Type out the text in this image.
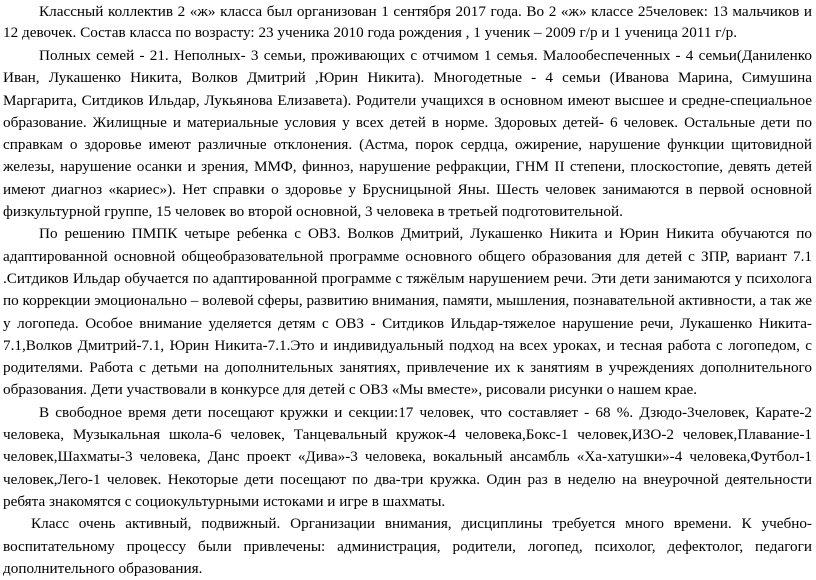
Классный коллектив 2 «ж» класса был организован 1 сентября 2017 года. Во 2 «ж» классе 25человек: 13 мальчиков и 12 девочек. Состав класса по возрасту: 23 ученика 2010 года рождения , 1 ученик – 2009 г/р и 1 ученица 2011 г/р.

Полных семей - 21. Неполных- 3 семьи, проживающих с отчимом 1 семья. Малообеспеченных - 4 семьи(Даниленко Иван, Лукашенко Никита, Волков Дмитрий ,Юрин Никита). Многодетные - 4 семьи (Иванова Марина, Симушина Маргарита, Ситдиков Ильдар, Лукьянова Елизавета). Родители учащихся в основном имеют высшее и средне-специальное образование. Жилищные и материальные условия у всех детей в норме. Здоровых детей- 6 человек. Остальные дети по справкам о здоровье имеют различные отклонения. (Астма, порок сердца, ожирение, нарушение функции щитовидной железы, нарушение осанки и зрения, ММФ, финноз, нарушение рефракции, ГНМ II степени, плоскостопие, девять детей имеют диагноз «кариес»). Нет справки о здоровье у Брусницыной Яны. Шесть человек занимаются в первой основной физкультурной группе, 15 человек во второй основной, 3 человека в третьей подготовительной.

По решению ПМПК четыре ребенка с ОВЗ. Волков Дмитрий, Лукашенко Никита и Юрин Никита обучаются по адаптированной основной общеобразовательной программе основного общего образования для детей с ЗПР, вариант 7.1 .Ситдиков Ильдар обучается по адаптированной программе с тяжёлым нарушением речи. Эти дети занимаются у психолога по коррекции эмоционально – волевой сферы, развитию внимания, памяти, мышления, познавательной активности, а так же у логопеда. Особое внимание уделяется детям с ОВЗ - Ситдиков Ильдар-тяжелое нарушение речи, Лукашенко Никита- 7.1,Волков Дмитрий-7.1, Юрин Никита-7.1.Это и индивидуальный подход на всех уроках, и тесная работа с логопедом, с родителями. Работа с детьми на дополнительных занятиях, привлечение их к занятиям в учреждениях дополнительного образования. Дети участвовали в конкурсе для детей с ОВЗ «Мы вместе», рисовали рисунки о нашем крае.

В свободное время дети посещают кружки и секции:17 человек, что составляет - 68 %. Дзюдо-3человек, Карате-2 человека, Музыкальная школа-6 человек, Танцевальный кружок-4 человека,Бокс-1 человек,ИЗО-2 человек,Плавание-1 человек,Шахматы-3 человека, Данс проект «Дива»-3 человека, вокальный ансамбль «Ха-хатушки»-4 человека,Футбол-1 человек,Лего-1 человек. Некоторые дети посещают по два-три кружка. Один раз в неделю на внеурочной деятельности ребята знакомятся с социокультурными истоками и игре в шахматы.

Класс очень активный, подвижный. Организации внимания, дисциплины требуется много времени. К учебно-воспитательному процессу были привлечены: администрация, родители, логопед, психолог, дефектолог, педагоги дополнительного образования.
